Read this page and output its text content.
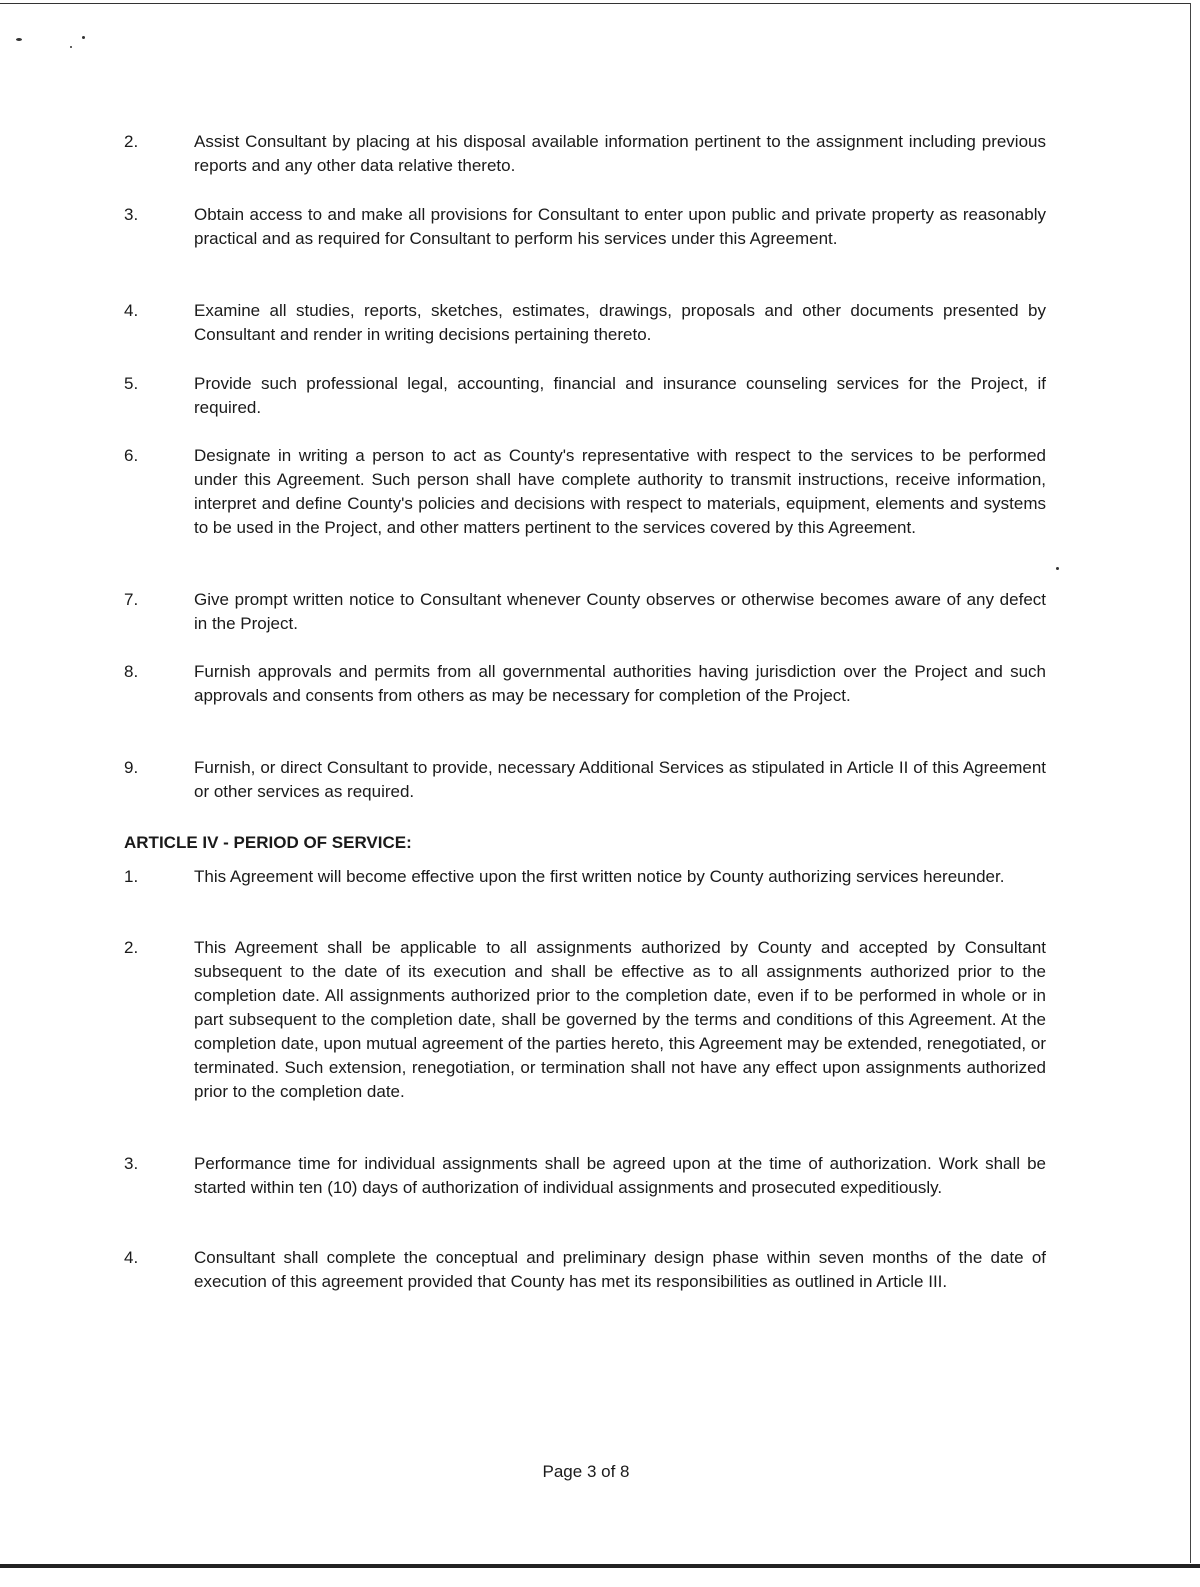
2.	Assist Consultant by placing at his disposal available information pertinent to the assignment including previous reports and any other data relative thereto.
3.	Obtain access to and make all provisions for Consultant to enter upon public and private property as reasonably practical and as required for Consultant to perform his services under this Agreement.
4.	Examine all studies, reports, sketches, estimates, drawings, proposals and other documents presented by Consultant and render in writing decisions pertaining thereto.
5.	Provide such professional legal, accounting, financial and insurance counseling services for the Project, if required.
6.	Designate in writing a person to act as County's representative with respect to the services to be performed under this Agreement. Such person shall have complete authority to transmit instructions, receive information, interpret and define County's policies and decisions with respect to materials, equipment, elements and systems to be used in the Project, and other matters pertinent to the services covered by this Agreement.
7.	Give prompt written notice to Consultant whenever County observes or otherwise becomes aware of any defect in the Project.
8.	Furnish approvals and permits from all governmental authorities having jurisdiction over the Project and such approvals and consents from others as may be necessary for completion of the Project.
9.	Furnish, or direct Consultant to provide, necessary Additional Services as stipulated in Article II of this Agreement or other services as required.
ARTICLE IV - PERIOD OF SERVICE:
1.	This Agreement will become effective upon the first written notice by County authorizing services hereunder.
2.	This Agreement shall be applicable to all assignments authorized by County and accepted by Consultant subsequent to the date of its execution and shall be effective as to all assignments authorized prior to the completion date. All assignments authorized prior to the completion date, even if to be performed in whole or in part subsequent to the completion date, shall be governed by the terms and conditions of this Agreement. At the completion date, upon mutual agreement of the parties hereto, this Agreement may be extended, renegotiated, or terminated. Such extension, renegotiation, or termination shall not have any effect upon assignments authorized prior to the completion date.
3.	Performance time for individual assignments shall be agreed upon at the time of authorization. Work shall be started within ten (10) days of authorization of individual assignments and prosecuted expeditiously.
4.	Consultant shall complete the conceptual and preliminary design phase within seven months of the date of execution of this agreement provided that County has met its responsibilities as outlined in Article III.
Page 3 of 8
